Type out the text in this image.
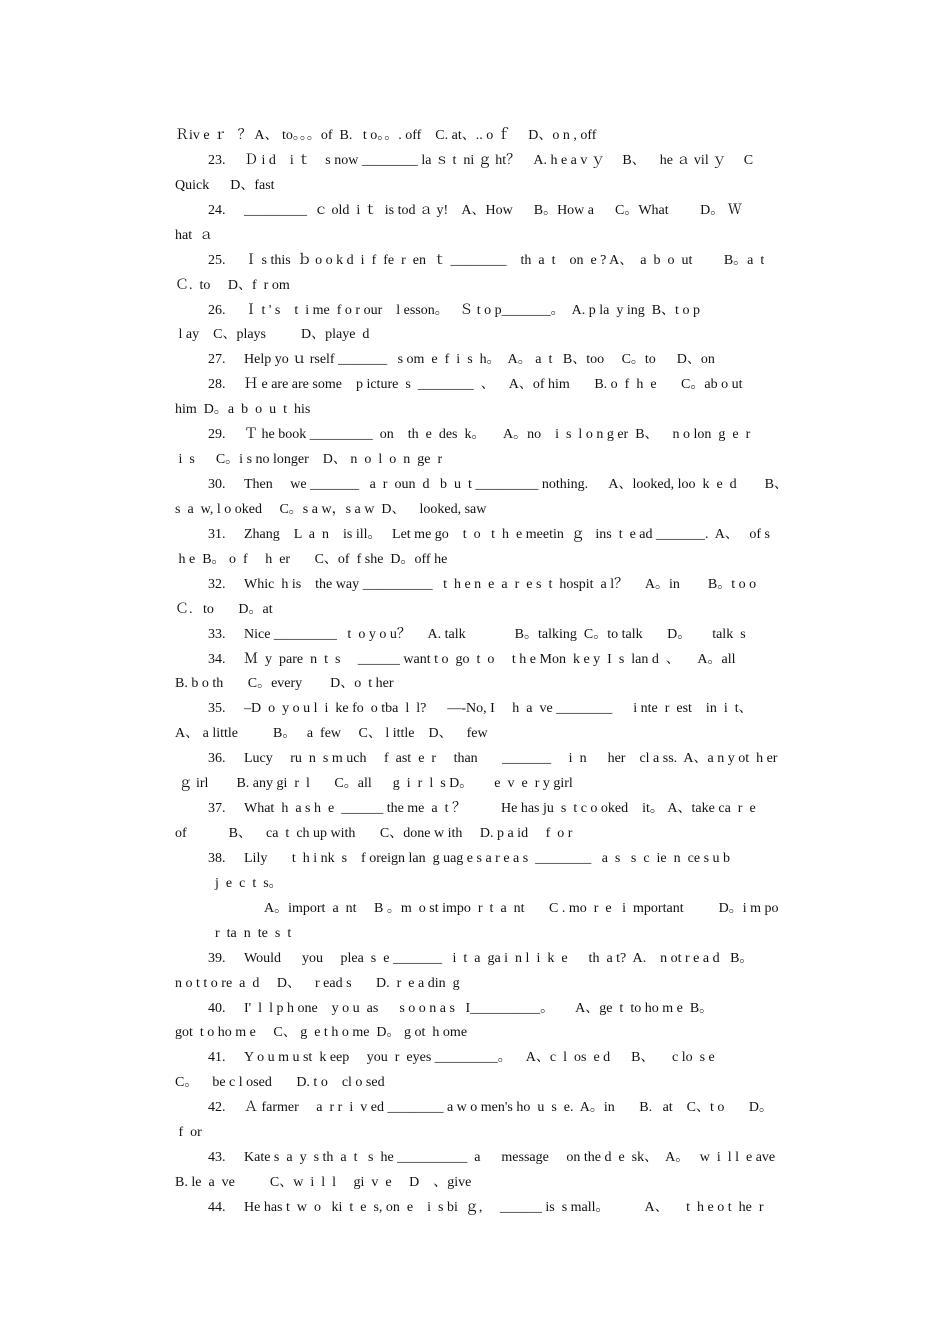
Ｒiv e ｒ   ？ A、 to。。。of  B.   t o。。. off    C. at、.. o ｆ     D、o n , off
23. Ｄ i d    i ｔ    s now ________ la ｓ t  ni ｇ ht？    A. h e a v ｙ     B、    he ａ vil ｙ     C
Quick      D、fast
24. _________  ｃ old  i ｔ  is tod ａ y!    A、How      B。How a      C。What         D。 Ｗ
hat  ａ
25. Ｉ s this  ｂ o o k d  i  f  fe  r  en  ｔ ________    th  a  t    on  e ? A、  a  b  o  ut         B。a  t
Ｃ.  to     D、f  r om
26. Ｉ t ' s    t  i me  f o r our    l esson。   Ｓ t o p_______。  A. p la  y ing  B、t o p
l ay    C、plays          D、playe  d
27. Help yo ｕ rself _______   s om  e  f  i  s  h。  A。 a  t   B、too     C。to      D、on
28. Ｈ e are are some    p icture  s  ________  、    A、of him       B. o  f  h  e       C。ab o ut
him  D。a  b  o  u  t  his
29. Ｔ he book _________  on    th  e  des  k。     A。no    i  s  l o n g er  B、    n o lon  g  e  r
i  s      C。i s no longer    D、 n  o  l  o  n  ge  r
30. Then     we _______   a  r  oun  d   b  u  t _________ nothing.      A、looked, loo  k  e  d        B、
s  a  w, l o oked     C。s a w，s a w  D、    looked, saw
31. Zhang    L  a  n    is ill。   Let me go    t  o   t  h  e meetin  ｇ   ins  t  e ad _______.  A、   of s
h e  B。 o  f     h  er       C、of  f she  D。off he
32. Whic  h is    the way __________   t  h e n  e  a  r  e s  t  hospit  a l？     A。in        B。t o o
Ｃ.   to       D。at
33. Nice _________   t  o y o u？     A. talk              B。talking  C。to talk       D。      talk  s
34. Ｍ  y  pare  n  t  s     ______ want t o  go  t  o     t h e Mon  k e y  I  s  lan d  、     A。all
B. b o th       C。every        D、o  t her
35. –D  o  y o u l  i  ke fo  o tba  l  l?      —-No, I     h  a  ve ________      i nte  r  est    in  i  t、
A、 a little          B。   a  few     C、 l ittle    D、    few
36. Lucy     ru  n  s m uch     f  ast  e  r     than       _______     i  n      her    cl a ss.  A、a n y ot  h er
ｇ irl        B. any gi  r  l       C。all      g  i  r  l  s D。      e  v  e  r y girl
37. What  h  a s h  e  ______ the me  a  t ？          He has ju  s  t c o oked    it。 A、take ca  r  e
of            B、    ca  t  ch up with       C、done w ith     D. p a id     f  o r
38. Lily       t  h i nk  s    f oreign lan  g uag e s a r e a s  ________   a  s   s  c  ie  n  ce s u b
j  e  c  t  s。
A。import  a  nt     B 。m  o st impo  r  t  a  nt       C . mo  r  e   i  mportant          D。i m po
r  ta  n  te  s  t
39. Would      you     plea  s  e _______   i  t  a  ga i  n l  i  k  e      th  a t?  A.    n ot r e a d   B。
n o t t o re  a  d     D、    r ead s       D.  r  e a din  g
40. I'  l  l p h one    y o u  as      s o o n a s   I__________。      A、ge  t  to ho m e  B。
got  t o ho m e     C、 g  e t h o me  D。 g ot  h ome
41. Y o u m u st  k eep     you  r  eyes _________。    A、c  l  os  e d      B、     c lo  s e
C。    be c l osed       D. t o    cl o sed
42. Ａ farmer     a  r r  i  v ed ________ a w o men's ho  u  s  e.  A。in       B.   at    C、t o       D。
f  or
43. Kate s  a  y  s th  a  t   s  he __________  a      message     on the d  e  sk、  A。   w  i  l l  e ave
B. le  a  ve          C、w  i  l  l     gi  v  e     D    、give
44. He has t  w  o   ki  t  e  s, on  e    i  s bi  ｇ,     ______ is  s mall。          A、     t  h e o t  he  r
